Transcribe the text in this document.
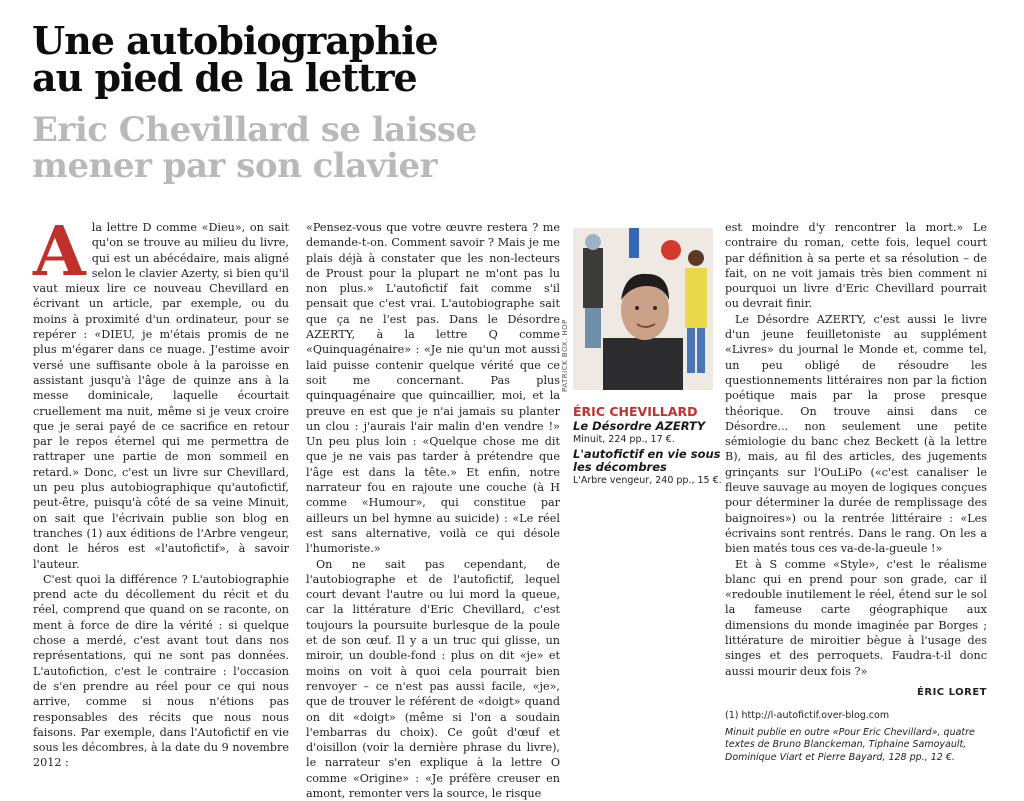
Une autobiographie
au pied de la lettre
Eric Chevillard se laisse
mener par son clavier
A la lettre D comme «Dieu», on sait qu'on se trouve au milieu du livre, qui est un abécédaire, mais aligné selon le clavier Azerty, si bien qu'il vaut mieux lire ce nouveau Chevillard en écrivant un article, par exemple, ou du moins à proximité d'un ordinateur, pour se repérer : «DIEU, je m'étais promis de ne plus m'égarer dans ce nuage. J'estime avoir versé une suffisante obole à la paroisse en assistant jusqu'à l'âge de quinze ans à la messe dominicale, laquelle écourtait cruellement ma nuit, même si je veux croire que je serai payé de ce sacrifice en retour par le repos éternel qui me permettra de rattraper une partie de mon sommeil en retard.» Donc, c'est un livre sur Chevillard, un peu plus autobiographique qu'autofictif, peut-être, puisqu'à côté de sa veine Minuit, on sait que l'écrivain publie son blog en tranches (1) aux éditions de l'Arbre vengeur, dont le héros est «l'autofictif», à savoir l'auteur.

C'est quoi la différence ? L'autobiographie prend acte du décollement du récit et du réel, comprend que quand on se raconte, on ment à force de dire la vérité : si quelque chose a merdé, c'est avant tout dans nos représentations, qui ne sont pas données. L'autofiction, c'est le contraire : l'occasion de s'en prendre au réel pour ce qui nous arrive, comme si nous n'étions pas responsables des récits que nous nous faisons. Par exemple, dans l'Autofictif en vie sous les décombres, à la date du 9 novembre 2012 :

«Pensez-vous que votre œuvre restera ? me demande-t-on. Comment savoir ? Mais je me plais déjà à constater que les non-lecteurs de Proust pour la plupart ne m'ont pas lu non plus.» L'autofictif fait comme s'il pensait que c'est vrai. L'autobiographe sait que ça ne l'est pas. Dans le Désordre AZERTY, à la lettre Q comme «Quinquagénaire» : «Je nie qu'un mot aussi laid puisse contenir quelque vérité que ce soit me concernant. Pas plus quinquagénaire que quincaillier, moi, et la preuve en est que je n'ai jamais su planter un clou : j'aurais l'air malin d'en vendre !» Un peu plus loin : «Quelque chose me dit que je ne vais pas tarder à prétendre que l'âge est dans la tête.» Et enfin, notre narrateur fou en rajoute une couche (à H comme «Humour», qui constitue par ailleurs un bel hymne au suicide) : «Le réel est sans alternative, voilà ce qui désole l'humoriste.»

On ne sait pas cependant, de l'autobiographe et de l'autofictif, lequel court devant l'autre ou lui mord la queue, car la littérature d'Eric Chevillard, c'est toujours la poursuite burlesque de la poule et de son œuf. Il y a un truc qui glisse, un miroir, un double-fond : plus on dit «je» et moins on voit à quoi cela pourrait bien renvoyer – ce n'est pas aussi facile, «je», que de trouver le référent de «doigt» quand on dit «doigt» (même si l'on a soudain l'embarras du choix). Ce goût d'œuf et d'oisillon (voir la dernière phrase du livre), le narrateur s'en explique à la lettre O comme «Origine» : «Je préfère creuser en amont, remonter vers la source, le risque

PATRICK BOX. HOP
ÉRIC CHEVILLARD
Le Désordre AZERTY
Minuit, 224 pp., 17 €.
L'autofictif en vie sous les décombres
L'Arbre vengeur, 240 pp., 15 €.

est moindre d'y rencontrer la mort.» Le contraire du roman, cette fois, lequel court par définition à sa perte et sa résolution – de fait, on ne voit jamais très bien comment ni pourquoi un livre d'Eric Chevillard pourrait ou devrait finir.

Le Désordre AZERTY, c'est aussi le livre d'un jeune feuilletoniste au supplément «Livres» du journal le Monde et, comme tel, un peu obligé de résoudre les questionnements littéraires non par la fiction poétique mais par la prose presque théorique. On trouve ainsi dans ce Désordre... non seulement une petite sémiologie du banc chez Beckett (à la lettre B), mais, au fil des articles, des jugements grinçants sur l'OuLiPo («c'est canaliser le fleuve sauvage au moyen de logiques conçues pour déterminer la durée de remplissage des baignoires») ou la rentrée littéraire : «Les écrivains sont rentrés. Dans le rang. On les a bien matés tous ces va-de-la-gueule !»

Et à S comme «Style», c'est le réalisme blanc qui en prend pour son grade, car il «redouble inutilement le réel, étend sur le sol la fameuse carte géographique aux dimensions du monde imaginée par Borges ; littérature de miroitier bègue à l'usage des singes et des perroquets. Faudra-t-il donc aussi mourir deux fois ?»

ÉRIC LORET
(1) http://l-autofictif.over-blog.com
Minuit publie en outre «Pour Eric Chevillard», quatre textes de Bruno Blanckeman, Tiphaine Samoyault, Dominique Viart et Pierre Bayard, 128 pp., 12 €.
